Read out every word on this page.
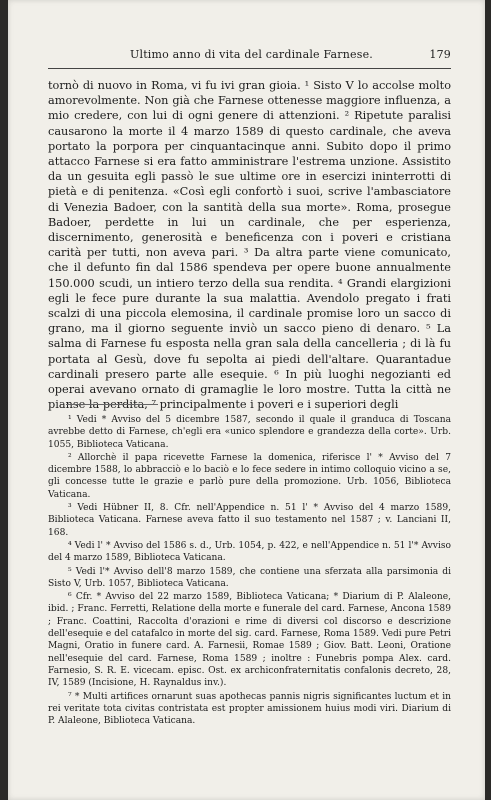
Ultimo anno di vita del cardinale Farnese.	179

tornò di nuovo in Roma, vi fu ivi gran gioia. ¹ Sisto V lo accolse molto amorevolmente. Non già che Farnese ottenesse maggiore influenza, a mio credere, con lui di ogni genere di attenzioni. ² Ripetute paralisi causarono la morte il 4 marzo 1589 di questo cardinale, che aveva portato la porpora per cinquantacinque anni. Subito dopo il primo attacco Farnese si era fatto amministrare l'estrema unzione. Assistito da un gesuita egli passò le sue ultime ore in esercizi ininterrotti di pietà e di penitenza. «Così egli confortò i suoi, scrive l'ambasciatore di Venezia Badoer, con la santità della sua morte». Roma, prosegue Badoer, perdette in lui un cardinale, che per esperienza, discernimento, generosità e beneficenza con i poveri e cristiana carità per tutti, non aveva pari. ³ Da altra parte viene comunicato, che il defunto fin dal 1586 spendeva per opere buone annualmente 150.000 scudi, un intiero terzo della sua rendita. ⁴ Grandi elargizioni egli le fece pure durante la sua malattia. Avendolo pregato i frati scalzi di una piccola elemosina, il cardinale promise loro un sacco di grano, ma il giorno seguente inviò un sacco pieno di denaro. ⁵ La salma di Farnese fu esposta nella gran sala della cancelleria ; di là fu portata al Gesù, dove fu sepolta ai piedi dell'altare. Quarantadue cardinali presero parte alle esequie. ⁶ In più luoghi negozianti ed operai avevano ornato di gramaglie le loro mostre. Tutta la città ne pianse la perdita, ⁷ principalmente i poveri e i superiori degli

¹ Vedi * Avviso del 5 dicembre 1587, secondo il quale il granduca di Toscana avrebbe detto di Farnese, ch'egli era «unico splendore e grandezza della corte». Urb. 1055, Biblioteca Vaticana.

² Allorchè il papa ricevette Farnese la domenica, riferisce l' * Avviso del 7 dicembre 1588, lo abbracciò e lo baciò e lo fece sedere in intimo colloquio vicino a se, gli concesse tutte le grazie e parlò pure della promozione. Urb. 1056, Biblioteca Vaticana.

³ Vedi Hübner II, 8. Cfr. nell'Appendice n. 51 l' * Avviso del 4 marzo 1589, Biblioteca Vaticana. Farnese aveva fatto il suo testamento nel 1587 ; v. Lanciani II, 168.

⁴ Vedi l' * Avviso del 1586 s. d., Urb. 1054, p. 422, e nell'Appendice n. 51 l'* Avviso del 4 marzo 1589, Biblioteca Vaticana.

⁵ Vedi l'* Avviso dell'8 marzo 1589, che contiene una sferzata alla parsimonia di Sisto V, Urb. 1057, Biblioteca Vaticana.

⁶ Cfr. * Avviso del 22 marzo 1589, Biblioteca Vaticana; * Diarium di P. Alaleone, ibid. ; Franc. Ferretti, Relatione della morte e funerale del card. Farnese, Ancona 1589 ; Franc. Coattini, Raccolta d'orazioni e rime di diversi col discorso e descrizione dell'esequie e del catafalco in morte del sig. card. Farnese, Roma 1589. Vedi pure Petri Magni, Oratio in funere card. A. Farnesii, Romae 1589 ; Giov. Batt. Leoni, Oratione nell'esequie del card. Farnese, Roma 1589 ; inoltre : Funebris pompa Alex. card. Farnesio, S. R. E. vicecam. episc. Ost. ex archiconfraternitatis confalonis decreto, 28, IV, 1589 (Incisione, H. Raynaldus inv.).

⁷ * Multi artifices ornarunt suas apothecas pannis nigris significantes luctum et in rei veritate tota civitas contristata est propter amissionem huius modi viri. Diarium di P. Alaleone, Biblioteca Vaticana.
